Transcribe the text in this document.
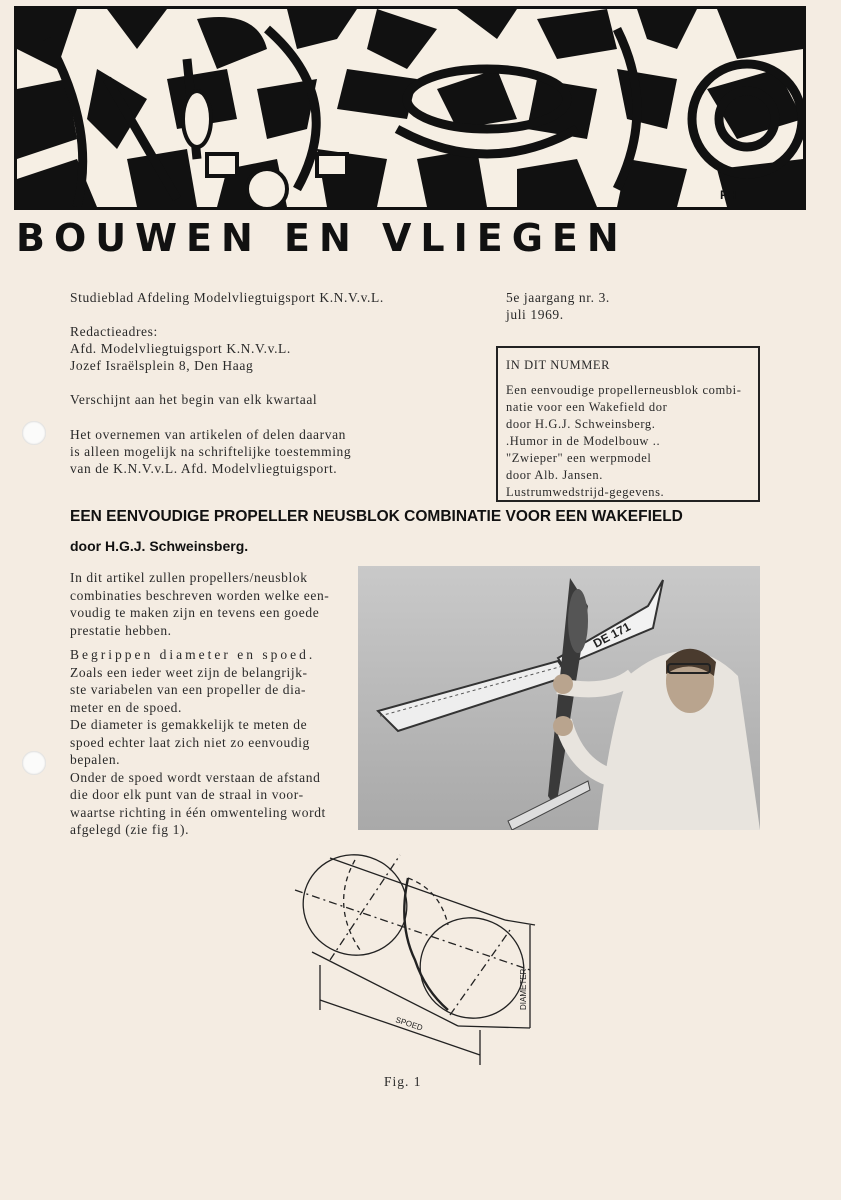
FH
BOUWEN EN VLIEGEN
Studieblad Afdeling Modelvliegtuigsport K.N.V.v.L.	5e jaargang nr. 3.
juli 1969.

Redactieadres:

Afd. Modelvliegtuigsport K.N.V.v.L.

Jozef Israëlsplein 8, Den Haag

Verschijnt aan het begin van elk kwartaal

Het overnemen van artikelen of delen daarvan

is alleen mogelijk na schriftelijke toestemming

van de K.N.V.v.L. Afd. Modelvliegtuigsport.

IN DIT NUMMER
Een eenvoudige propellerneusblok combi-
natie voor een Wakefield dor
door H.G.J. Schweinsberg.
.Humor in de Modelbouw ..
"Zwieper" een werpmodel
door Alb. Jansen.
Lustrumwedstrijd-gegevens.
EEN EENVOUDIGE PROPELLER NEUSBLOK COMBINATIE VOOR EEN WAKEFIELD
door H.G.J. Schweinsberg.

In dit artikel zullen propellers/neusblok

combinaties beschreven worden welke een-

voudig te maken zijn en tevens een goede

prestatie hebben.

Begrippen diameter en spoed.

Zoals een ieder weet zijn de belangrijk-

ste variabelen van een propeller de dia-

meter en de spoed.

De diameter is gemakkelijk te meten de

spoed echter laat zich niet zo eenvoudig

bepalen.

Onder de spoed wordt verstaan de afstand

die door elk punt van de straal in voor-

waartse richting in één omwenteling wordt

afgelegd (zie fig 1).

DE 171
SPOED
DIAMETER
Fig. 1
